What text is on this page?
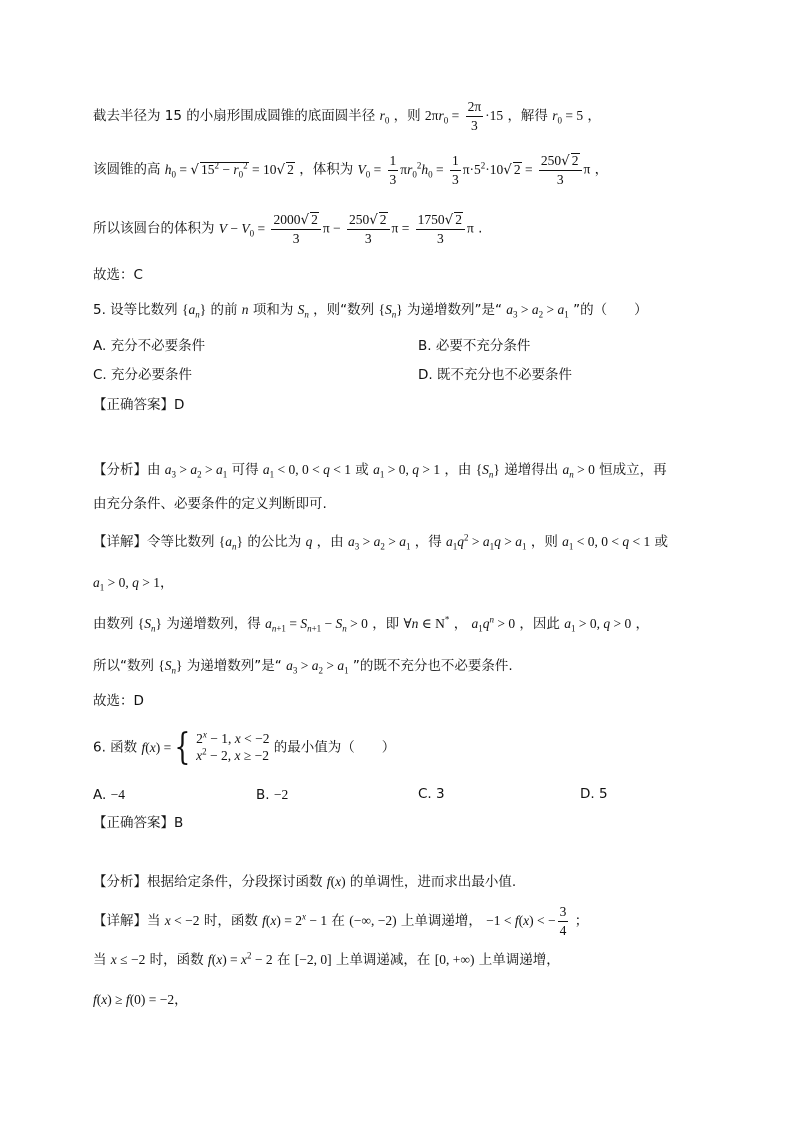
截去半径为 15 的小扇形围成圆锥的底面圆半径 $r_0$ ，则 $2\pi r_0 = \frac{2\pi}{3} \cdot 15$ ，解得 $r_0 = 5$ ，
该圆锥的高 $h_0$ = √ $15^2 - r_0^2 = 10√$ 2 ，体积为 $V_0 = \frac{1}{3} \pi r_0^2h_0 = \frac{1}{3} \pi\cdot 5^2\cdot 10√$ $2 = \frac{250√ 2}{3}$ π ，
所以该圆台的体积为 $V - V_0 = \frac{2000√ 2}{3}$ $\pi - \frac{250√ 2}{3}$ $\pi = \frac{1750√ 2}{3}$ π .
故选：C
5. 设等比数列 $\{a_n\}$ 的前 n 项和为 $S_n$ ，则“数列 $\{S_n\}$ 为递增数列”是“ $a_3 > a_2 > a_1$ ”的（　　）
A. 充分不必要条件	B. 必要不充分条件
C. 充分必要条件	D. 既不充分也不必要条件
【正确答案】D
【分析】由 $a_3 > a_2 > a_1$ 可得 $a_1 < 0$, 0 < q < 1 或 $a_1 > 0$, q > 1 ，由 $\{S_n\}$ 递增得出 $a_n > 0$ 恒成立，再
由充分条件、必要条件的定义判断即可.
【详解】令等比数列 $\{a_n\}$ 的公比为 q ，由 $a_3 > a_2 > a_1$ ，得 $a_1q^2 > a_1q > a_1$ ，则 $a_1 < 0$, 0 < q < 1 或
$a_1 > 0$, q > 1，
由数列 $\{S_n\}$ 为递增数列，得 $a_{n+1} = S_{n+1} - S_n > 0$ ，即 ∀n ∈ N* ， $a_1q^n > 0$ ，因此 $a_1 > 0$, q > 0 ，
所以“数列 $\{S_n\}$ 为递增数列”是“ $a_3 > a_2 > a_1$ ”的既不充分也不必要条件.
故选：D
6. 函数 f(x) = { $2^x - 1$, x < −2
$x^2 - 2$, x ≥ −2 的最小值为（　　）
A. −4	B. −2	C. 3	D. 5
【正确答案】B
【分析】根据给定条件，分段探讨函数 f(x) 的单调性，进而求出最小值.
【详解】当 x < −2 时，函数 $f(x) = 2^x - 1$ 在 (−∞, −2) 上单调递增， −1 < f(x) < − $\frac{3}{4}$ ；
当 x ≤ −2 时，函数 $f(x) = x^2 - 2$ 在 [−2, 0] 上单调递减，在 [0, +∞) 上单调递增，
f(x) ≥ f(0) = −2，
